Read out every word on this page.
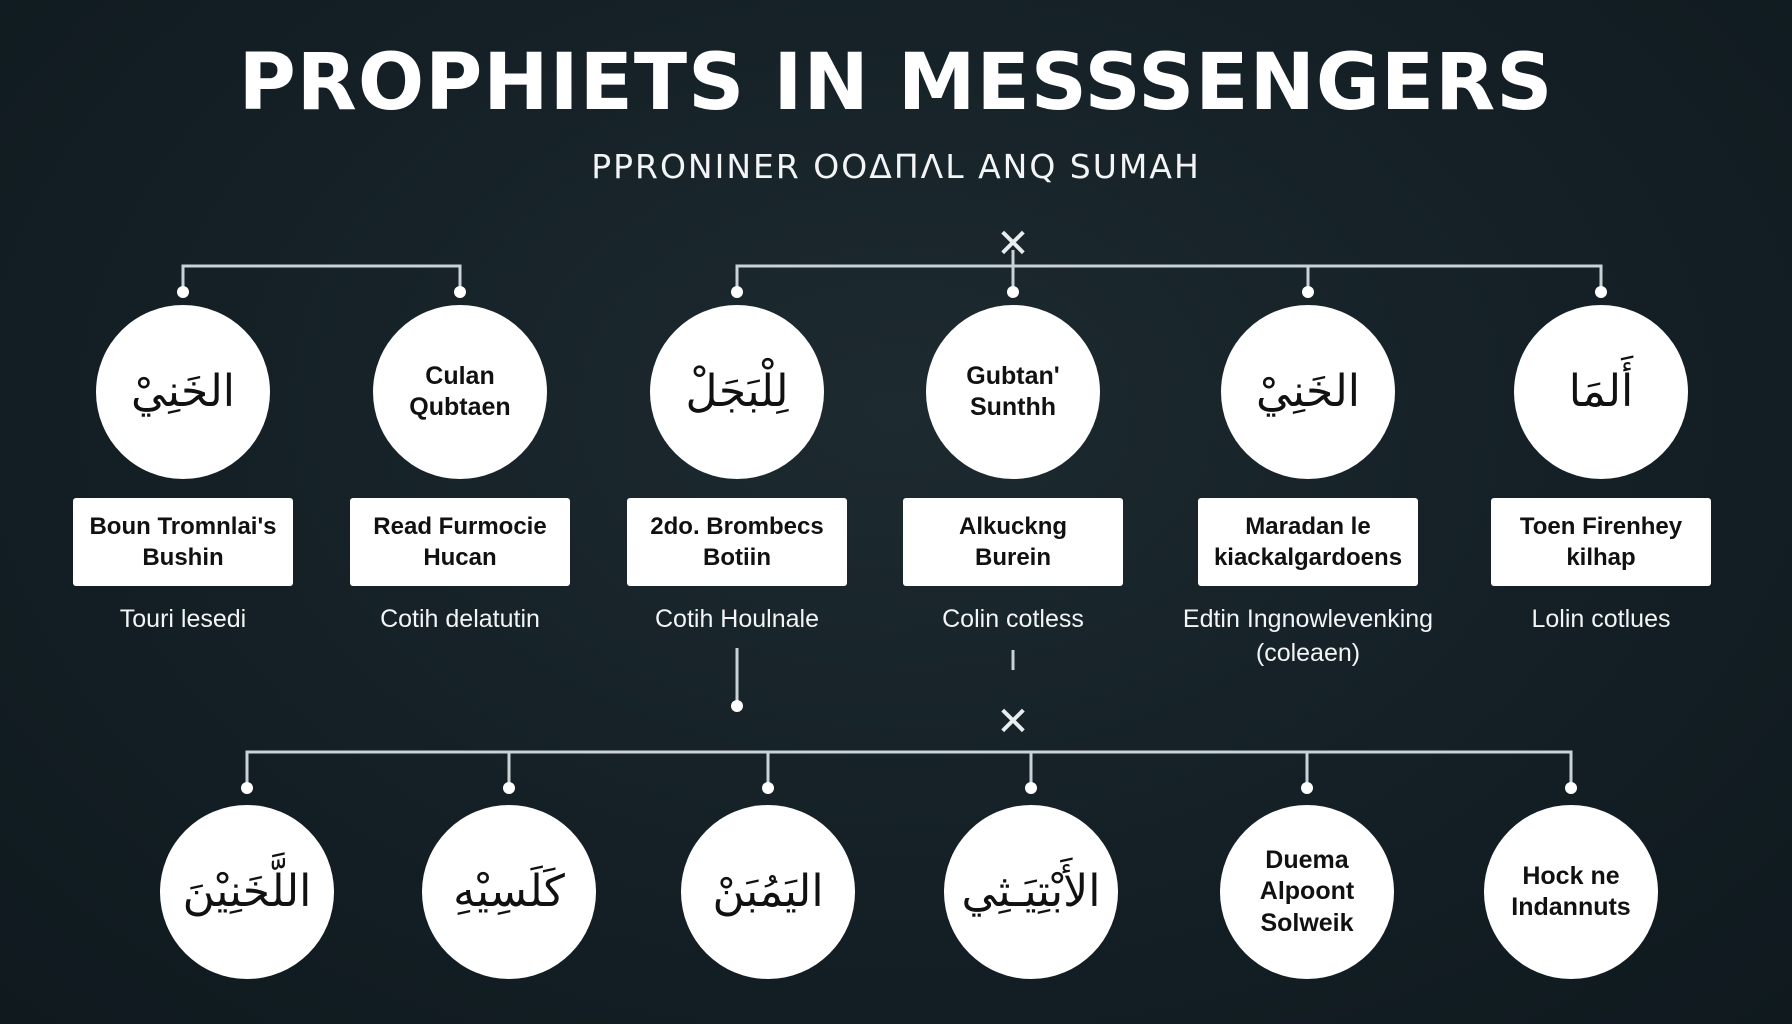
PROPHIETS IN MESSSENGERS
PPRONINER OOΔΠΛL ANQ SUMAH
✕
✕
الخَنِيْ	Culan
Qubtaen	لِلْبَجَلْ	Gubtan'
Sunthh	الخَنِيْ	أَلمَا
Boun Tromnlai's
Bushin
Read Furmocie
Hucan
2do. Brombecs
Botiin
Alkuckng
Burein
Maradan le
kiackalgardoens
Toen Firenhey
kilhap
Touri lesedi	Cotih delatutin	Cotih Houlnale	Colin cotless	Edtin Ingnowlevenking
(coleaen)
Lolin cotlues
اللَّخَنِيْنَ	كَلَسِيْهِ	اليَمُبَنْ	الأَبْتِيَـثِي
Duema
Alpoont
Solweik
Hock ne
Indannuts
